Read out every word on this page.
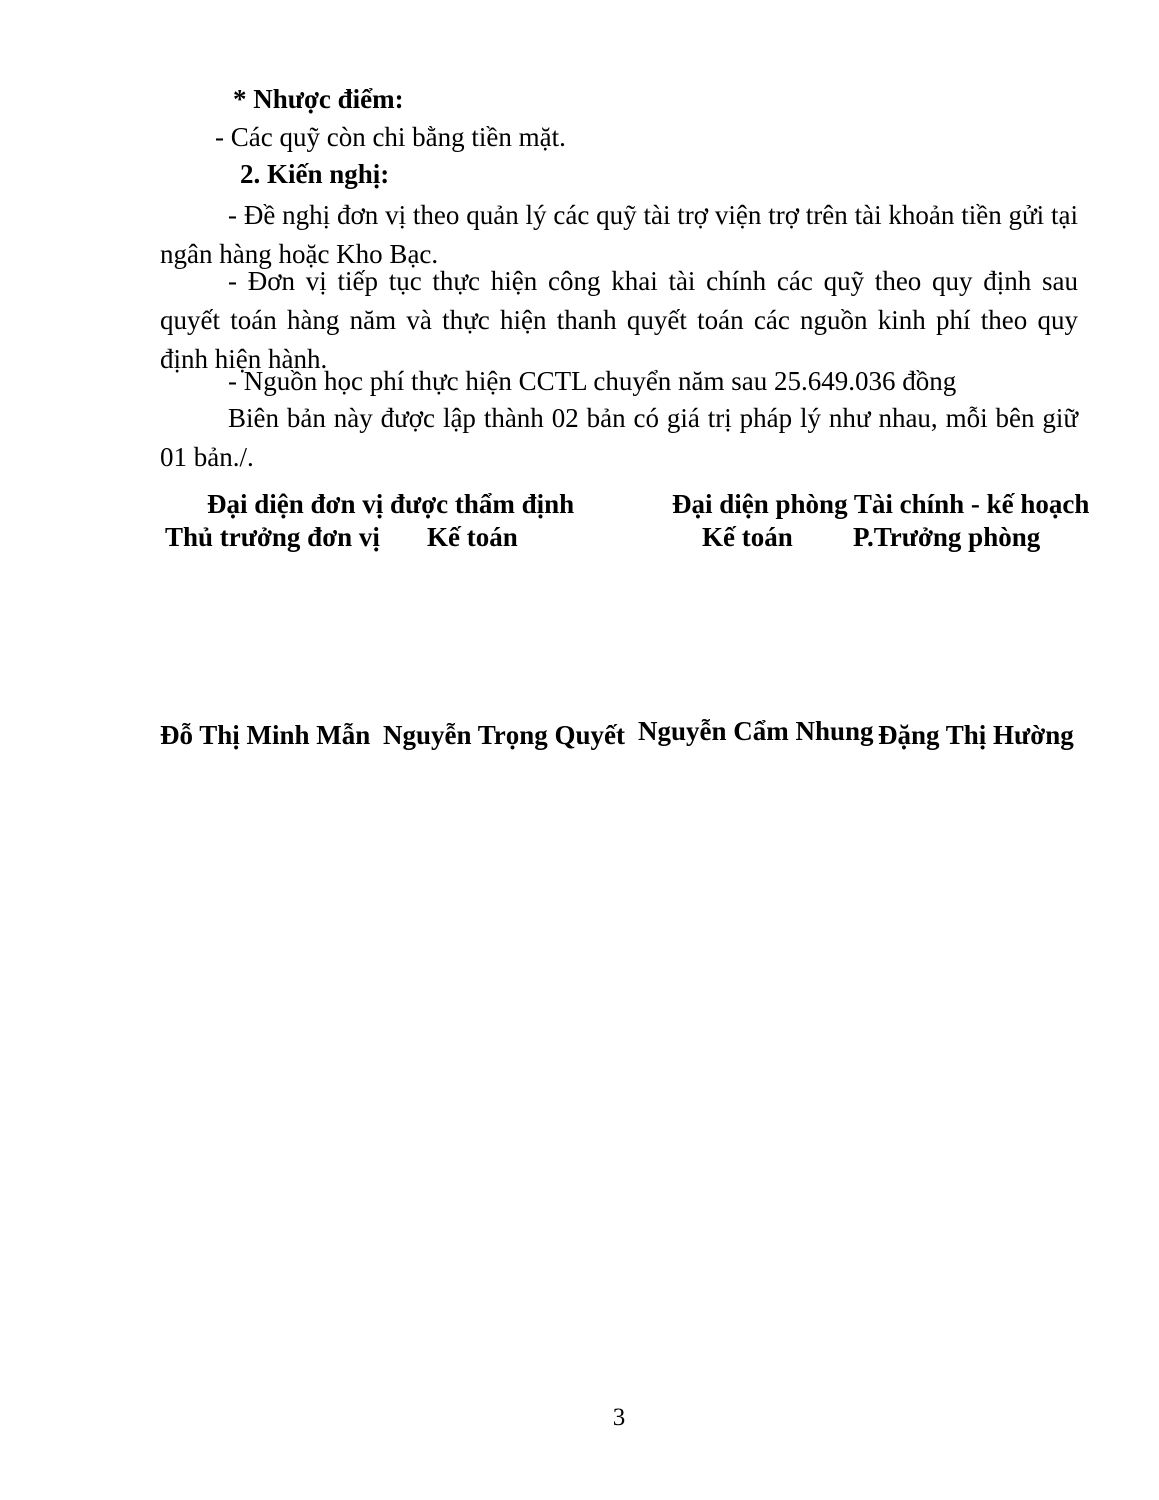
* Nhược điểm:

- Các quỹ còn chi bằng tiền mặt.

2. Kiến nghị:

- Đề nghị đơn vị theo quản lý các quỹ tài trợ viện trợ trên tài khoản tiền gửi tại ngân hàng hoặc Kho Bạc.

- Đơn vị tiếp tục thực hiện công khai tài chính các quỹ theo quy định sau quyết toán hàng năm và thực hiện thanh quyết toán các nguồn kinh phí theo quy định hiện hành.

- Nguồn học phí thực hiện CCTL chuyển năm sau 25.649.036 đồng

Biên bản này được lập thành 02 bản có giá trị pháp lý như nhau, mỗi bên giữ 01 bản./.

Đại diện đơn vị được thẩm định	Đại diện phòng Tài chính - kế hoạch

Thủ trưởng đơn vị Kế toán	Kế toán P.Trưởng phòng

Đỗ Thị Minh Mẫn Nguyễn Trọng Quyết Nguyễn Cẩm Nhung Đặng Thị Hường

3
